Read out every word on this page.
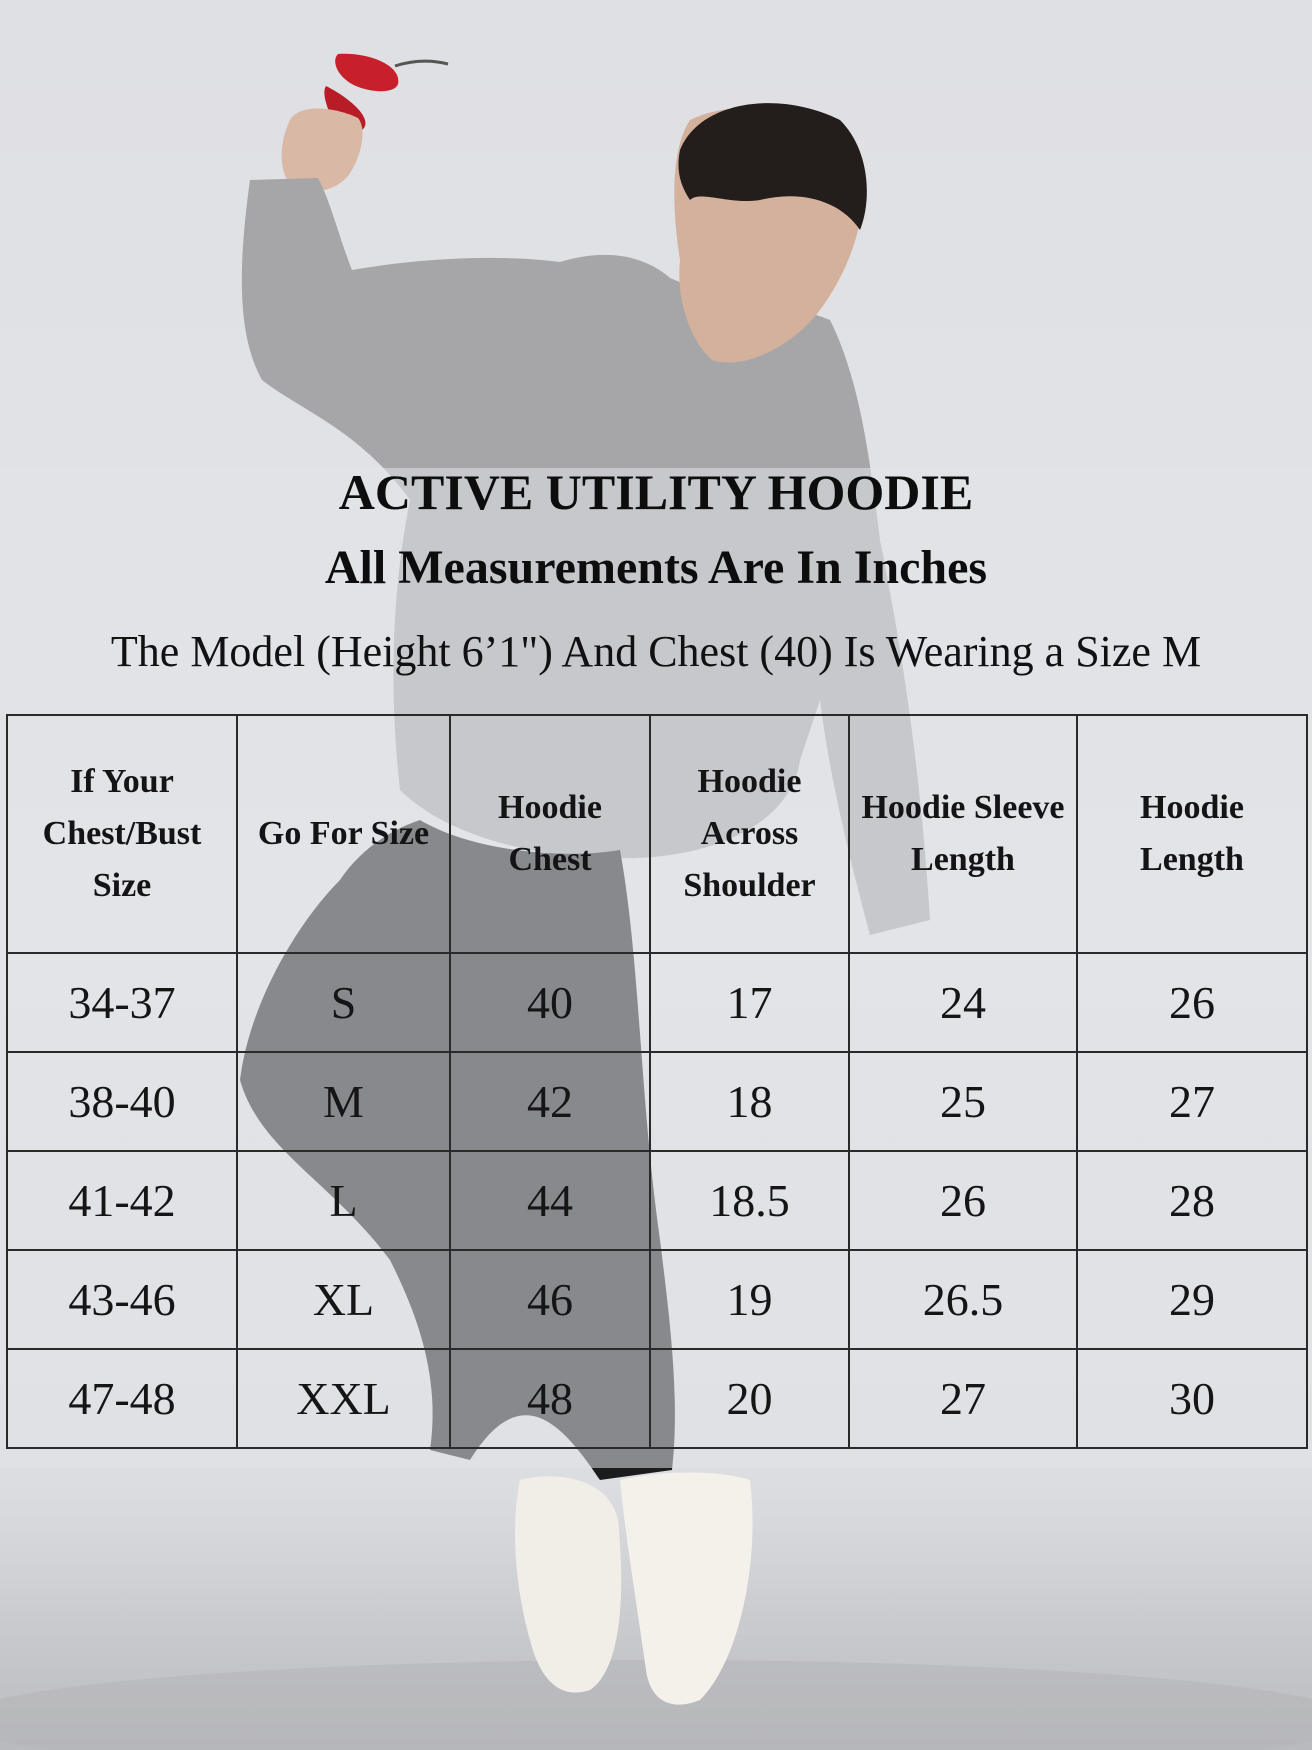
ACTIVE UTILITY HOODIE
All Measurements Are In Inches

The Model (Height 6’1") And Chest (40) Is Wearing a Size M

If Your Chest/Bust Size	Go For Size	Hoodie Chest	Hoodie Across Shoulder	Hoodie Sleeve Length	Hoodie Length
34-37	S	40	17	24	26
38-40	M	42	18	25	27
41-42	L	44	18.5	26	28
43-46	XL	46	19	26.5	29
47-48	XXL	48	20	27	30
